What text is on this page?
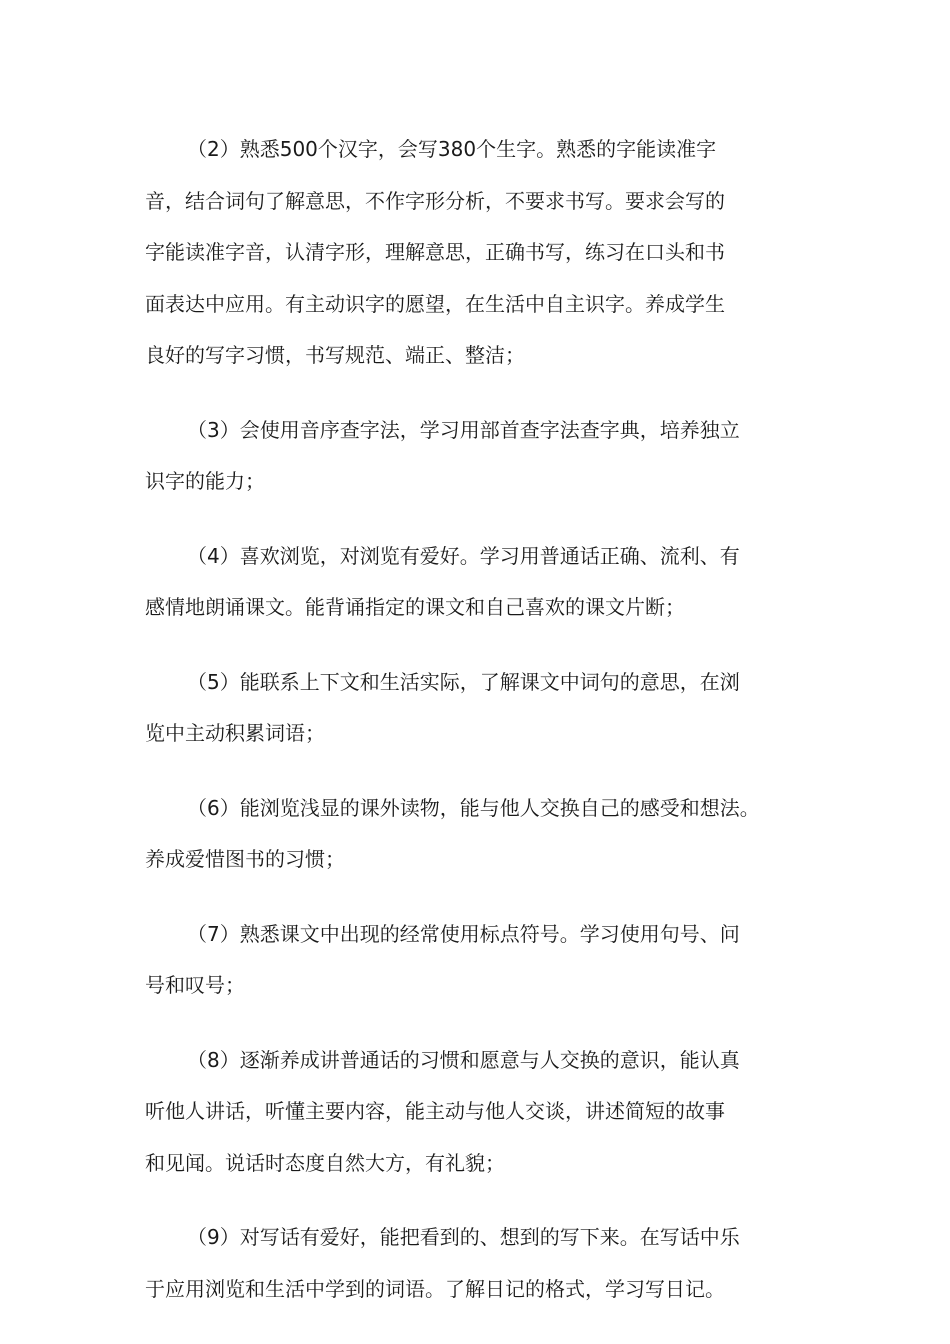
（2）熟悉500个汉字，会写380个生字。熟悉的字能读准字
音，结合词句了解意思，不作字形分析，不要求书写。要求会写的
字能读准字音，认清字形，理解意思，正确书写，练习在口头和书
面表达中应用。有主动识字的愿望，在生活中自主识字。养成学生
良好的写字习惯，书写规范、端正、整洁；
（3）会使用音序查字法，学习用部首查字法查字典，培养独立
识字的能力；
（4）喜欢浏览，对浏览有爱好。学习用普通话正确、流利、有
感情地朗诵课文。能背诵指定的课文和自己喜欢的课文片断；
（5）能联系上下文和生活实际，了解课文中词句的意思，在浏
览中主动积累词语；
（6）能浏览浅显的课外读物，能与他人交换自己的感受和想法。
养成爱惜图书的习惯；
（7）熟悉课文中出现的经常使用标点符号。学习使用句号、问
号和叹号；
（8）逐渐养成讲普通话的习惯和愿意与人交换的意识，能认真
听他人讲话，听懂主要内容，能主动与他人交谈，讲述简短的故事
和见闻。说话时态度自然大方，有礼貌；
（9）对写话有爱好，能把看到的、想到的写下来。在写话中乐
于应用浏览和生活中学到的词语。了解日记的格式，学习写日记。
